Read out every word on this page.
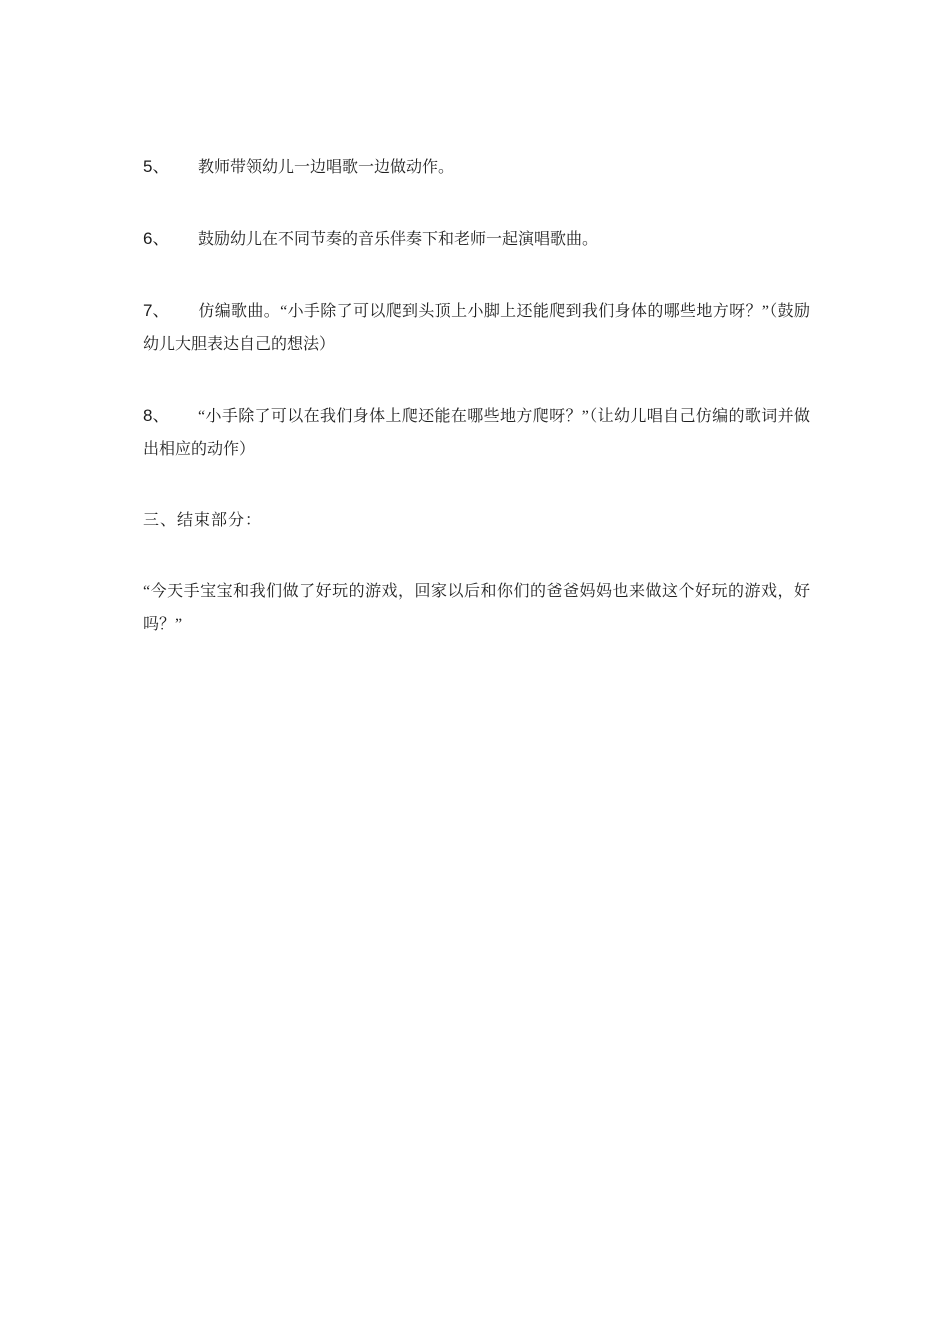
5、 教师带领幼儿一边唱歌一边做动作。

6、 鼓励幼儿在不同节奏的音乐伴奏下和老师一起演唱歌曲。

7、 仿编歌曲。“小手除了可以爬到头顶上小脚上还能爬到我们身体的哪些地方呀？”（鼓励幼儿大胆表达自己的想法）

8、 “小手除了可以在我们身体上爬还能在哪些地方爬呀？”（让幼儿唱自己仿编的歌词并做出相应的动作）

三、结束部分：

“今天手宝宝和我们做了好玩的游戏，回家以后和你们的爸爸妈妈也来做这个好玩的游戏，好吗？”
